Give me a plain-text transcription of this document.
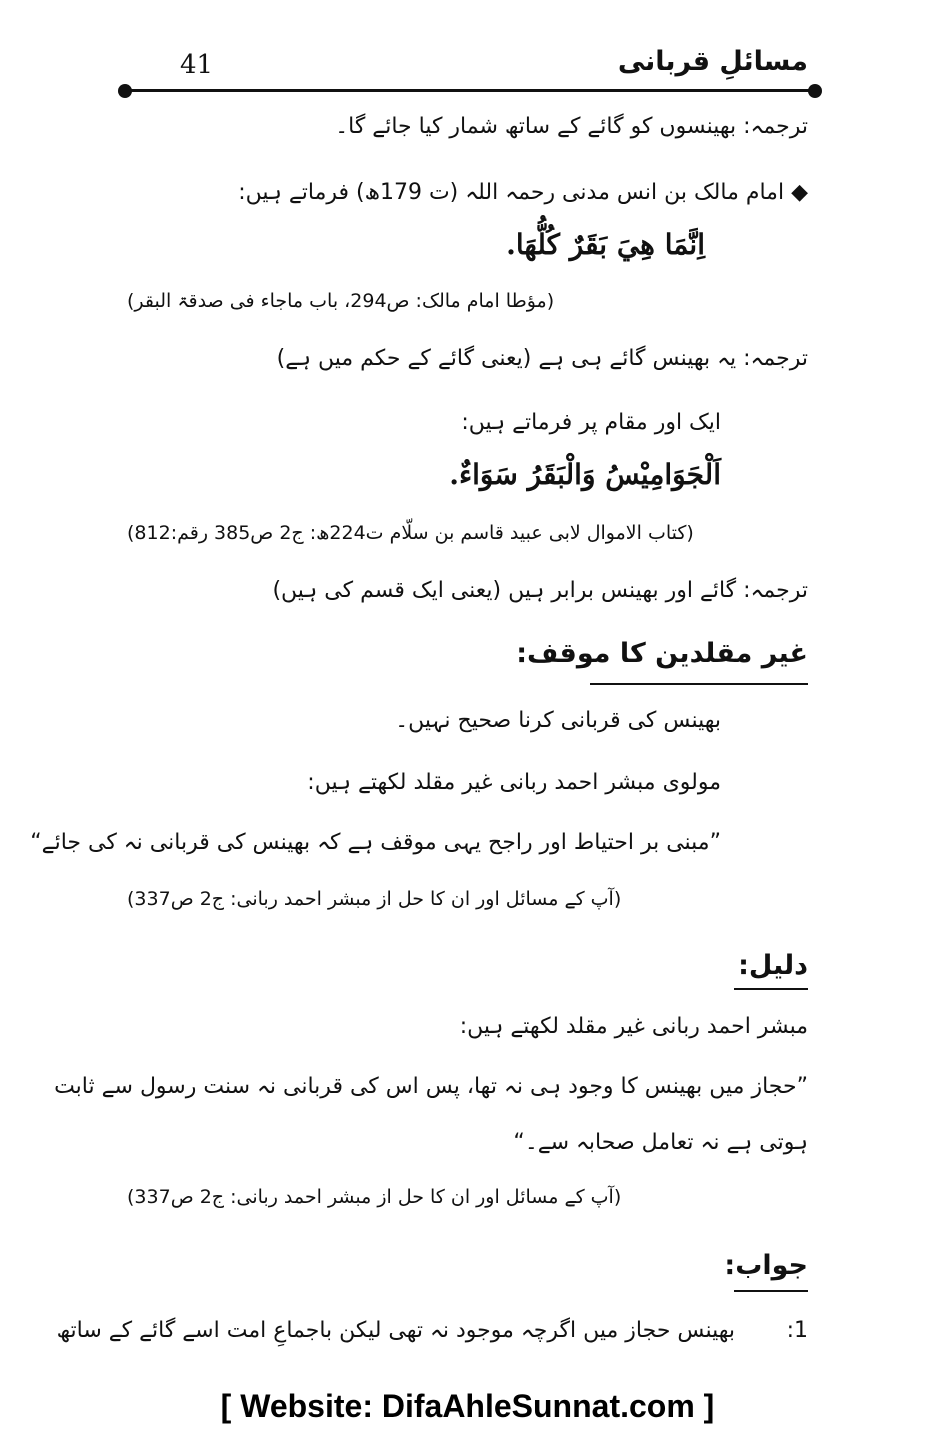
مسائلِ قربانی
41
ترجمہ: بھینسوں کو گائے کے ساتھ شمار کیا جائے گا۔
◆ امام مالک بن انس مدنی رحمہ اللہ (ت 179ھ) فرماتے ہیں:
اِنَّمَا هِيَ بَقَرٌ كُلُّهَا.
(مؤطا امام مالک: ص294، باب ماجاء فی صدقۃ البقر)
ترجمہ: یہ بھینس گائے ہی ہے (یعنی گائے کے حکم میں ہے)
ایک اور مقام پر فرماتے ہیں:
اَلْجَوَامِيْسُ وَالْبَقَرُ سَوَاءٌ.
(کتاب الاموال لابی عبید قاسم بن سلّام ت224ھ: ج2 ص385 رقم:812)
ترجمہ: گائے اور بھینس برابر ہیں (یعنی ایک قسم کی ہیں)
غیر مقلدین کا موقف:
بھینس کی قربانی کرنا صحیح نہیں۔
مولوی مبشر احمد ربانی غیر مقلد لکھتے ہیں:
”مبنی بر احتیاط اور راجح یہی موقف ہے کہ بھینس کی قربانی نہ کی جائے“
(آپ کے مسائل اور ان کا حل از مبشر احمد ربانی: ج2 ص337)
دلیل:
مبشر احمد ربانی غیر مقلد لکھتے ہیں:
”حجاز میں بھینس کا وجود ہی نہ تھا، پس اس کی قربانی نہ سنت رسول سے ثابت
ہوتی ہے نہ تعامل صحابہ سے۔“
(آپ کے مسائل اور ان کا حل از مبشر احمد ربانی: ج2 ص337)
جواب:
1:
بھینس حجاز میں اگرچہ موجود نہ تھی لیکن باجماعِ امت اسے گائے کے ساتھ
[ Website: DifaAhleSunnat.com ]
